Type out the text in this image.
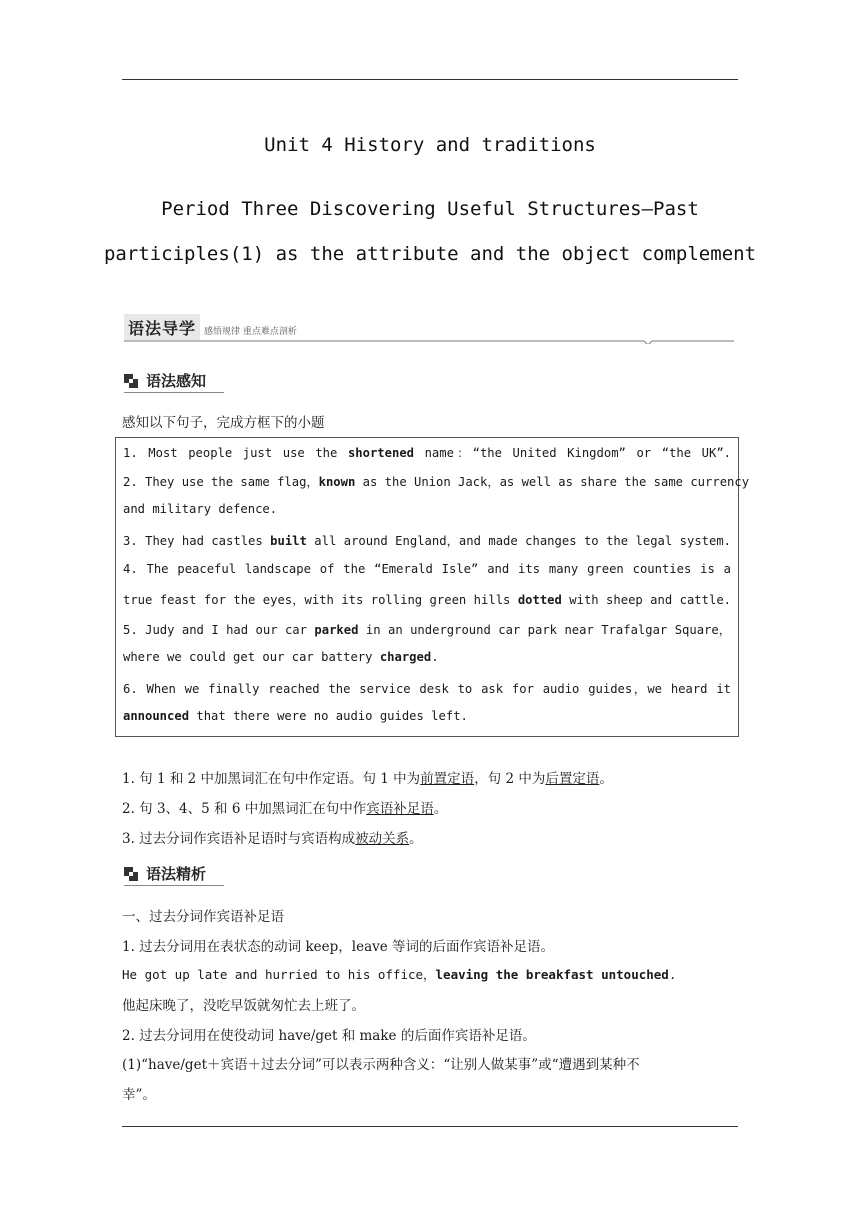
Unit 4 History and traditions
Period Three Discovering Useful Structures—Past
participles(1) as the attribute and the object complement
语法导学 感悟规律 重点难点剖析
语法感知
感知以下句子，完成方框下的小题
1. Most people just use the shortened name：“the United Kingdom” or “the UK”.
2. They use the same flag，known as the Union Jack，as well as share the same currency
and military defence.
3. They had castles built all around England，and made changes to the legal system.
4. The peaceful landscape of the “Emerald Isle” and its many green counties is a
true feast for the eyes，with its rolling green hills dotted with sheep and cattle.
5. Judy and I had our car parked in an underground car park near Trafalgar Square，
where we could get our car battery charged.
6. When we finally reached the service desk to ask for audio guides，we heard it
announced that there were no audio guides left.
1. 句 1 和 2 中加黑词汇在句中作定语。句 1 中为前置定语，句 2 中为后置定语。
2. 句 3、4、5 和 6 中加黑词汇在句中作宾语补足语。
3. 过去分词作宾语补足语时与宾语构成被动关系。
语法精析
一、过去分词作宾语补足语
1. 过去分词用在表状态的动词 keep，leave 等词的后面作宾语补足语。
He got up late and hurried to his office，leaving the breakfast untouched.
他起床晚了，没吃早饭就匆忙去上班了。
2. 过去分词用在使役动词 have/get 和 make 的后面作宾语补足语。
(1)“have/get＋宾语＋过去分词”可以表示两种含义：“让别人做某事”或“遭遇到某种不
幸”。
